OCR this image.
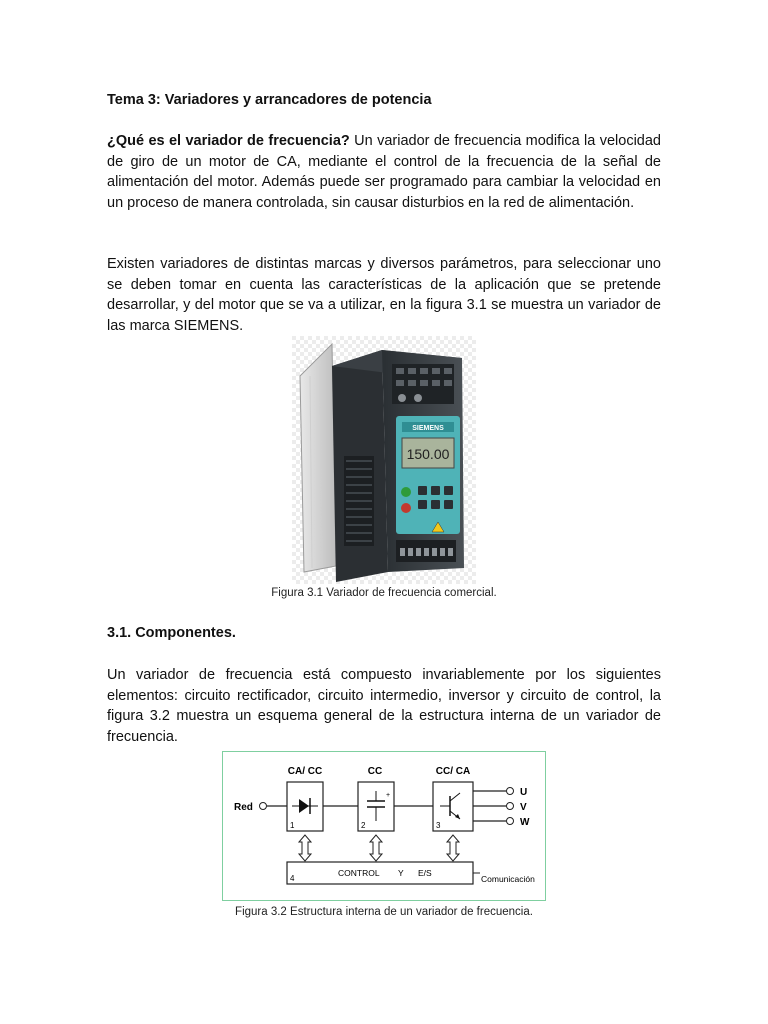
Tema 3: Variadores y arrancadores de potencia

¿Qué es el variador de frecuencia? Un variador de frecuencia modifica la velocidad de giro de un motor de CA, mediante el control de la frecuencia de la señal de alimentación del motor. Además puede ser programado para cambiar la velocidad en un proceso de manera controlada, sin causar disturbios en la red de alimentación.

Existen variadores de distintas marcas y diversos parámetros, para seleccionar uno se deben tomar en cuenta las características de la aplicación que se pretende desarrollar, y del motor que se va a utilizar, en la figura 3.1 se muestra un variador de las marca SIEMENS.

Figura 3.1 Variador de frecuencia comercial.

3.1. Componentes.

Un variador de frecuencia está compuesto invariablemente por los siguientes elementos: circuito rectificador, circuito intermedio, inversor y circuito de control, la figura 3.2 muestra un esquema general de la estructura interna de un variador de frecuencia.

Figura 3.2 Estructura interna de un variador de frecuencia.

SIEMENS
150.00
CA/ CC	CC	CC/ CA
1	2	3
+
Red
U
V
W
4
CONTROL Y E/S
Comunicación
